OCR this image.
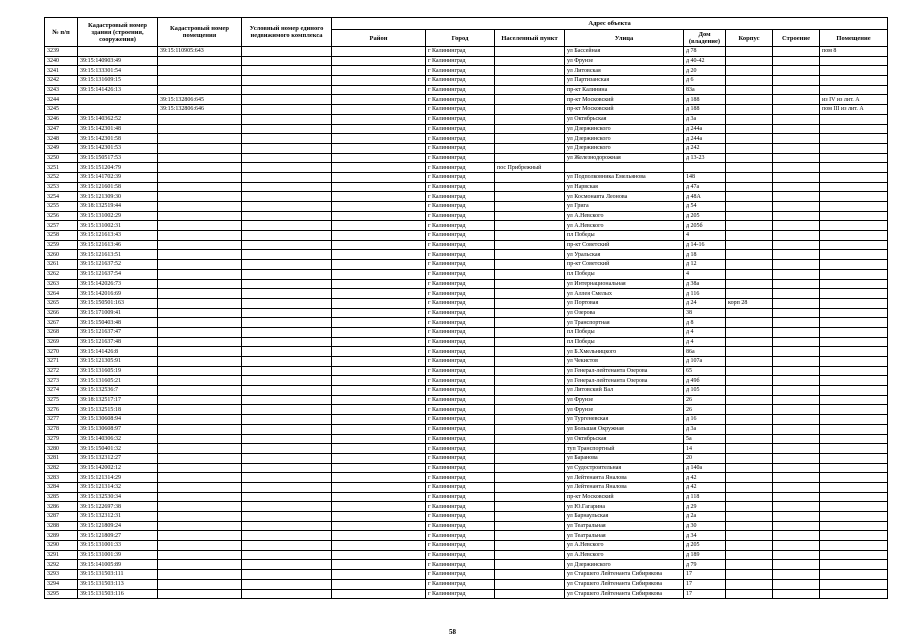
№ п/п	Кадастровый номер здания (строения, сооружения)	Кадастровый номер помещения	Условный номер единого недвижимого комплекса	Адрес объекта							
				Район	Город	Населенный пункт	Улица	Дом (владение)	Корпус	Строение	Помещение
3239		39:15:110905:643			г Калининград		ул Бассейная	д 78			пом 8
3240	39:15:140903:49				г Калининград		ул Фрунзе	д 40-42			
3241	39:15:133301:54				г Калининград		ул Литовская	д 20			
3242	39:15:131609:15				г Калининград		ул Партизанская	д 6			
3243	39:15:141426:13				г Калининград		пр-кт Калинина	83а			
3244		39:15:132806:645			г Калининград		пр-кт Московский	д 188			из IV из лит. А
3245		39:15:132806:646			г Калининград		пр-кт Московский	д 188			пом III из лит. А
3246	39:15:140362:52				г Калининград		ул Октябрьская	д 3а			
3247	39:15:142301:48				г Калининград		ул Дзержинского	д 244а			
3248	39:15:142301:58				г Калининград		ул Дзержинского	д 244а			
3249	39:15:142301:53				г Калининград		ул Дзержинского	д 242			
3250	39:15:150517:53				г Калининград		ул Железнодорожная	д 13-23			
3251	39:15:151204:79				г Калининград	пос Прибрежный					
3252	39:15:141702:39				г Калининград		ул Подполковника Емельянова	148			
3253	39:15:121601:58				г Калининград		ул Нарвская	д 47а			
3254	39:15:121309:30				г Калининград		ул Космонавта Леонова	д 48А			
3255	39:18:132519:44				г Калининград		ул Грига	д 54			
3256	39:15:131002:29				г Калининград		ул А.Невского	д 205			
3257	39:15:131002:31				г Калининград		ул А.Невского	д 205б			
3258	39:15:121613:43				г Калининград		пл Победы	4			
3259	39:15:121613:46				г Калининград		пр-кт Советский	д 14-16			
3260	39:15:121613:51				г Калининград		ул Уральская	д 18			
3261	39:15:121637:52				г Калининград		пр-кт Советский	д 12			
3262	39:15:121637:54				г Калининград		пл Победы	4			
3263	39:15:142026:73				г Калининград		ул Интернациональная	д 38а			
3264	39:15:142016:69				г Калининград		ул Аллея Смелых	д 116			
3265	39:15:150501:163				г Калининград		ул Портовая	д 24	корп 28		
3266	39:15:171009:41				г Калининград		ул Озерова	38			
3267	39:15:150403:48				г Калининград		ул Транспортная	д 8			
3268	39:15:121637:47				г Калининград		пл Победы	д 4			
3269	39:15:121637:48				г Калининград		пл Победы	д 4			
3270	39:15:141426:8				г Калининград		ул Б.Хмельницкого	86а			
3271	39:15:121305:91				г Калининград		ул Чекистов	д 107а			
3272	39:15:131605:19				г Калининград		ул Генерал-лейтенанта Озерова	65			
3273	39:15:131605:21				г Калининград		ул Генерал-лейтенанта Озерова	д 49б			
3274	39:15:132536:7				г Калининград		ул Литовский Вал	д 105			
3275	39:18:132517:17				г Калининград		ул Фрунзе	26			
3276	39:15:132515:18				г Калининград		ул Фрунзе	26			
3277	39:15:130608:94				г Калининград		ул Тургеневская	д 16			
3278	39:15:130608:97				г Калининград		ул Большая Окружная	д 3а			
3279	39:15:140306:32				г Калининград		ул Октябрьская	5а			
3280	39:15:150401:32				г Калининград		туп Транспортный	14			
3281	39:15:132312:27				г Калининград		ул Баранова	20			
3282	39:15:142002:12				г Калининград		ул Судостроительная	д 140а			
3283	39:15:121314:29				г Калининград		ул Лейтенанта Яналова	д 42			
3284	39:15:121314:32				г Калининград		ул Лейтенанта Яналова	д 42			
3285	39:15:132530:34				г Калининград		пр-кт Московский	д 118			
3286	39:15:122697:38				г Калининград		ул Ю.Гагарина	д 29			
3287	39:15:132312:31				г Калининград		ул Барнаульская	д 2а			
3288	39:15:121809:24				г Калининград		ул Театральная	д 30			
3289	39:15:121809:27				г Калининград		ул Театральная	д 34			
3290	39:15:131001:33				г Калининград		ул А.Невского	д 205			
3291	39:15:131001:39				г Калининград		ул А.Невского	д 189			
3292	39:15:141005:89				г Калининград		ул Дзержинского	д 79			
3293	39:15:131503:111				г Калининград		ул Старшего Лейтенанта Сибирякова	17			
3294	39:15:131503:113				г Калининград		ул Старшего Лейтенанта Сибирякова	17			
3295	39:15:131503:116				г Калининград		ул Старшего Лейтенанта Сибирякова	17			
58
